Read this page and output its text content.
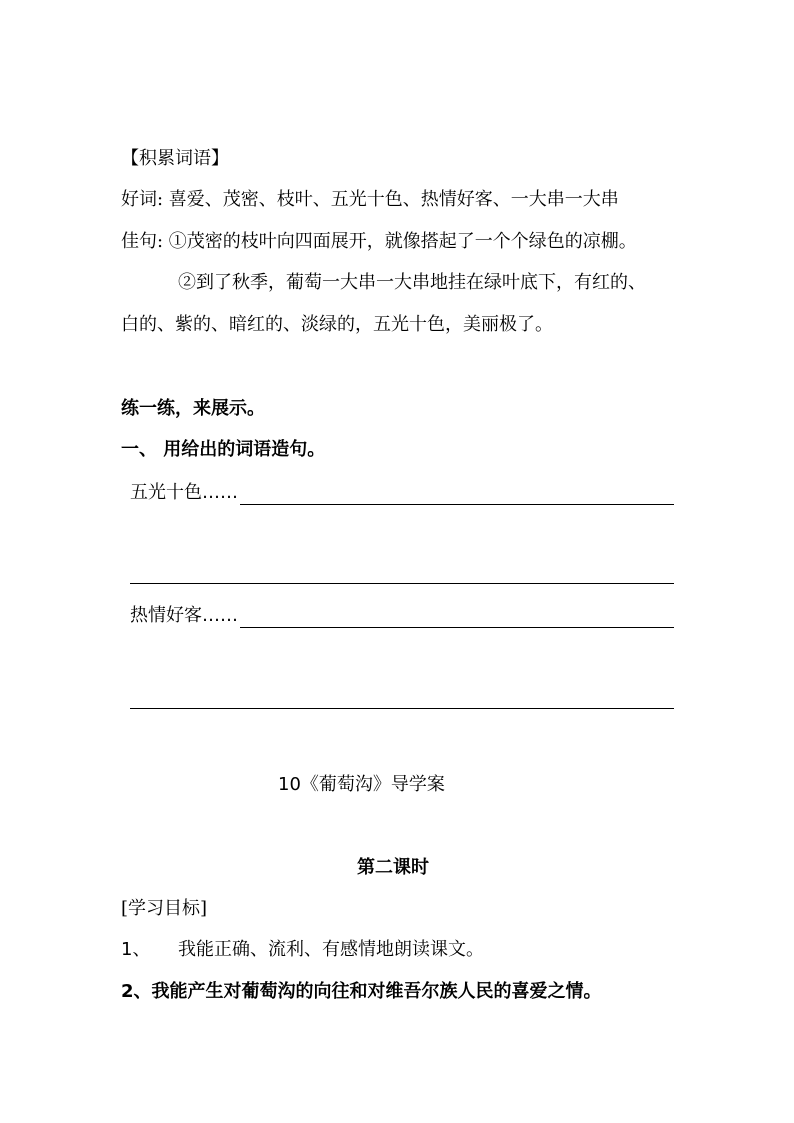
【积累词语】
好词: 喜爱、茂密、枝叶、五光十色、热情好客、一大串一大串
佳句: ①茂密的枝叶向四面展开，就像搭起了一个个绿色的凉棚。
②到了秋季，葡萄一大串一大串地挂在绿叶底下，有红的、
白的、紫的、暗红的、淡绿的，五光十色，美丽极了。
练一练，来展示。
一、 用给出的词语造句。
五光十色……
热情好客……
10《葡萄沟》导学案
第二课时
[学习目标]
1、 我能正确、流利、有感情地朗读课文。
2、我能产生对葡萄沟的向往和对维吾尔族人民的喜爱之情。
